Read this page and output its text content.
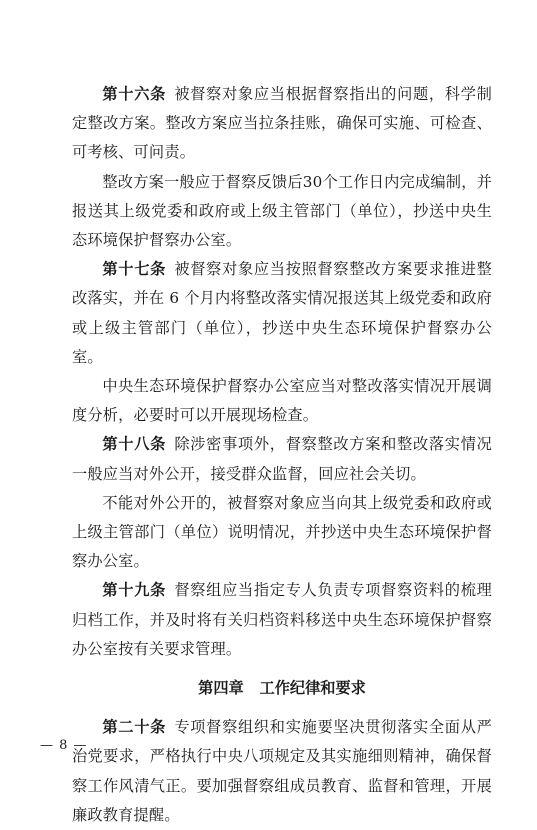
第十六条  被督察对象应当根据督察指出的问题，科学制定整改方案。整改方案应当拉条挂账，确保可实施、可检查、可考核、可问责。

整改方案一般应于督察反馈后30个工作日内完成编制，并报送其上级党委和政府或上级主管部门（单位），抄送中央生态环境保护督察办公室。

第十七条  被督察对象应当按照督察整改方案要求推进整改落实，并在 6 个月内将整改落实情况报送其上级党委和政府或上级主管部门（单位），抄送中央生态环境保护督察办公室。

中央生态环境保护督察办公室应当对整改落实情况开展调度分析，必要时可以开展现场检查。

第十八条  除涉密事项外，督察整改方案和整改落实情况一般应当对外公开，接受群众监督，回应社会关切。

不能对外公开的，被督察对象应当向其上级党委和政府或上级主管部门（单位）说明情况，并抄送中央生态环境保护督察办公室。

第十九条  督察组应当指定专人负责专项督察资料的梳理归档工作，并及时将有关归档资料移送中央生态环境保护督察办公室按有关要求管理。

第四章   工作纪律和要求

第二十条  专项督察组织和实施要坚决贯彻落实全面从严治党要求，严格执行中央八项规定及其实施细则精神，确保督察工作风清气正。要加强督察组成员教育、监督和管理，开展廉政教育提醒。

— 8 —
